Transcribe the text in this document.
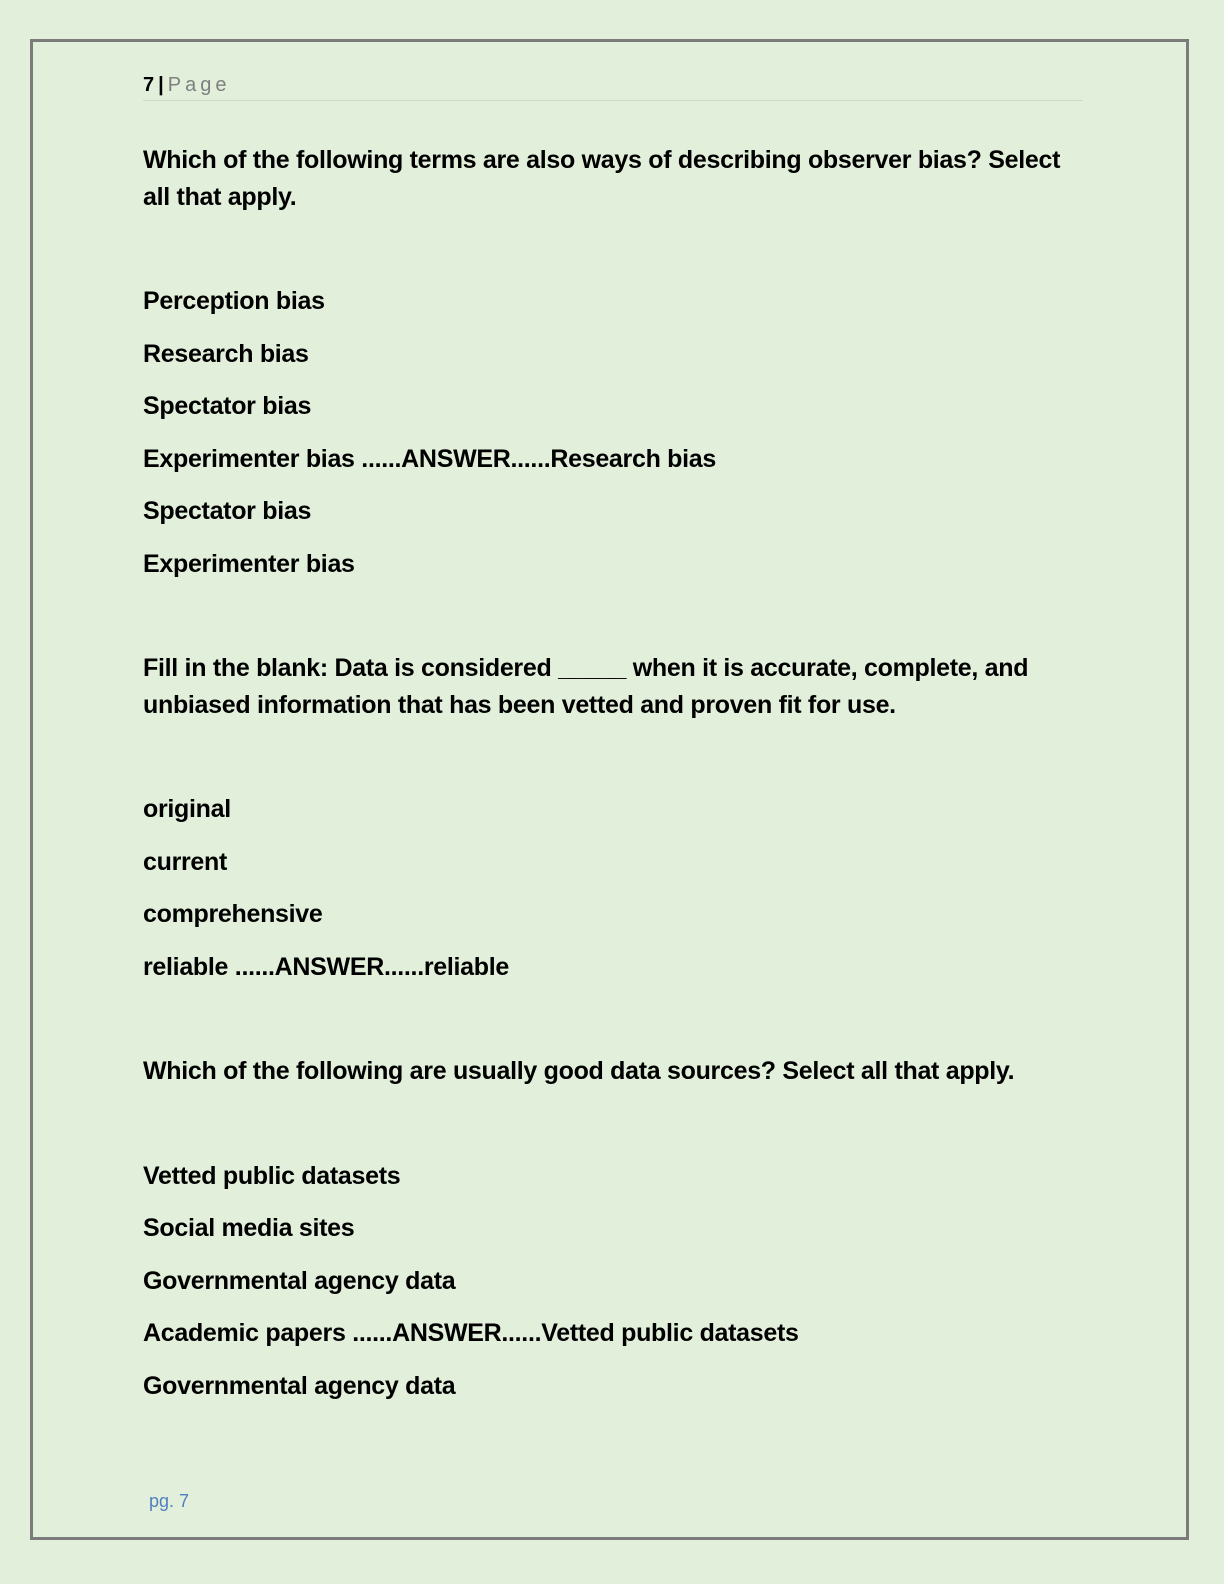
7 | Page
Which of the following terms are also ways of describing observer bias? Select all that apply.
Perception bias
Research bias
Spectator bias
Experimenter bias ......ANSWER......Research bias
Spectator bias
Experimenter bias
Fill in the blank: Data is considered _____ when it is accurate, complete, and unbiased information that has been vetted and proven fit for use.
original
current
comprehensive
reliable ......ANSWER......reliable
Which of the following are usually good data sources? Select all that apply.
Vetted public datasets
Social media sites
Governmental agency data
Academic papers ......ANSWER......Vetted public datasets
Governmental agency data
pg. 7
